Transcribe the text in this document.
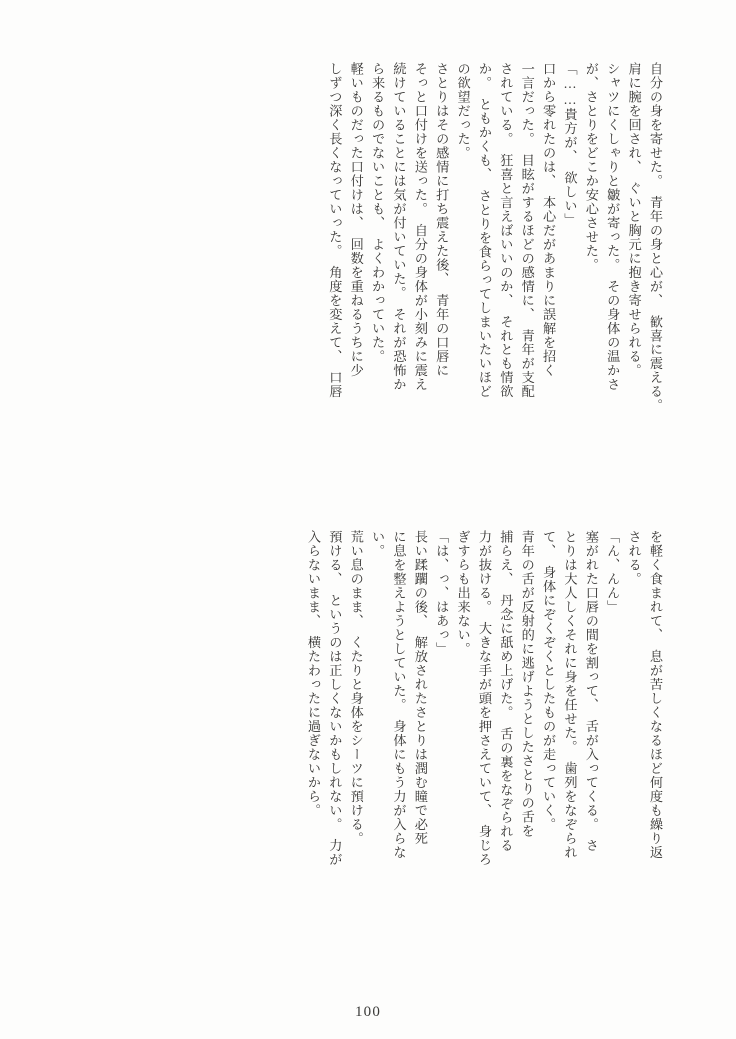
自分の身を寄せた。　青年の身と心が、　歓喜に震える。
肩に腕を回され、　ぐいと胸元に抱き寄せられる。
シャツにくしゃりと皺が寄った。　その身体の温かさ
が、さとりをどこか安心させた。
「……貴方が、　欲しい」
口から零れたのは、　本心だがあまりに誤解を招く
一言だった。　目眩がするほどの感情に、　青年が支配
されている。　狂喜と言えばいいのか、　それとも情欲
か。　ともかくも、　さとりを食らってしまいたいほど
の欲望だった。
さとりはその感情に打ち震えた後、　青年の口唇に
そっと口付けを送った。　自分の身体が小刻みに震え
続けていることには気が付いていた。　それが恐怖か
ら来るものでないことも、　よくわかっていた。
軽いものだった口付けは、　回数を重ねるうちに少
しずつ深く長くなっていった。　角度を変えて、　口唇
を軽く食まれて、　息が苦しくなるほど何度も繰り返
される。
「ん、んん」
塞がれた口唇の間を割って、　舌が入ってくる。　さ
とりは大人しくそれに身を任せた。　歯列をなぞられ
て、　身体にぞくぞくとしたものが走っていく。
青年の舌が反射的に逃げようとしたさとりの舌を
捕らえ、　丹念に舐め上げた。　舌の裏をなぞられる
力が抜ける。　大きな手が頭を押さえていて、　身じろ
ぎすらも出来ない。
「は、っ、はあっ」
長い蹂躙の後、　解放されたさとりは潤む瞳で必死
に息を整えようとしていた。　身体にもう力が入らな
い。
荒い息のまま、　くたりと身体をシーツに預ける。
預ける、　というのは正しくないかもしれない。　力が
入らないまま、　横たわったに過ぎないから。
100
